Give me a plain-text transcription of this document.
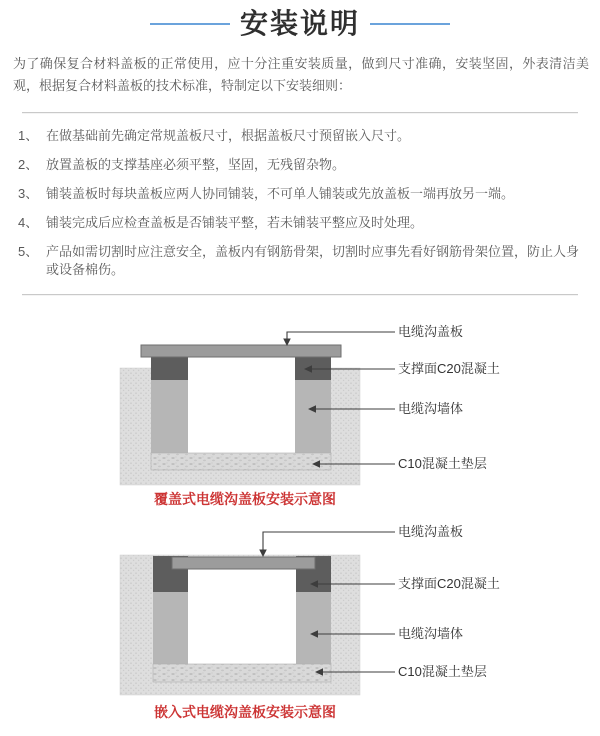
安装说明

为了确保复合材料盖板的正常使用，应十分注重安装质量，做到尺寸准确，安装坚固，外表清洁美观，根据复合材料盖板的技术标准，特制定以下安装细则：

1、 在做基础前先确定常规盖板尺寸，根据盖板尺寸预留嵌入尺寸。
2、 放置盖板的支撑基座必须平整，坚固，无残留杂物。
3、 铺装盖板时每块盖板应两人协同铺装，不可单人铺装或先放盖板一端再放另一端。
4、 铺装完成后应检查盖板是否铺装平整，若未铺装平整应及时处理。
5、 产品如需切割时应注意安全，盖板内有钢筋骨架，切割时应事先看好钢筋骨架位置，防止人身或设备棉伤。
电缆沟盖板
支撑面C20混凝土
电缆沟墙体
C10混凝土垫层
覆盖式电缆沟盖板安装示意图
电缆沟盖板
支撑面C20混凝土
电缆沟墙体
C10混凝土垫层
嵌入式电缆沟盖板安装示意图
